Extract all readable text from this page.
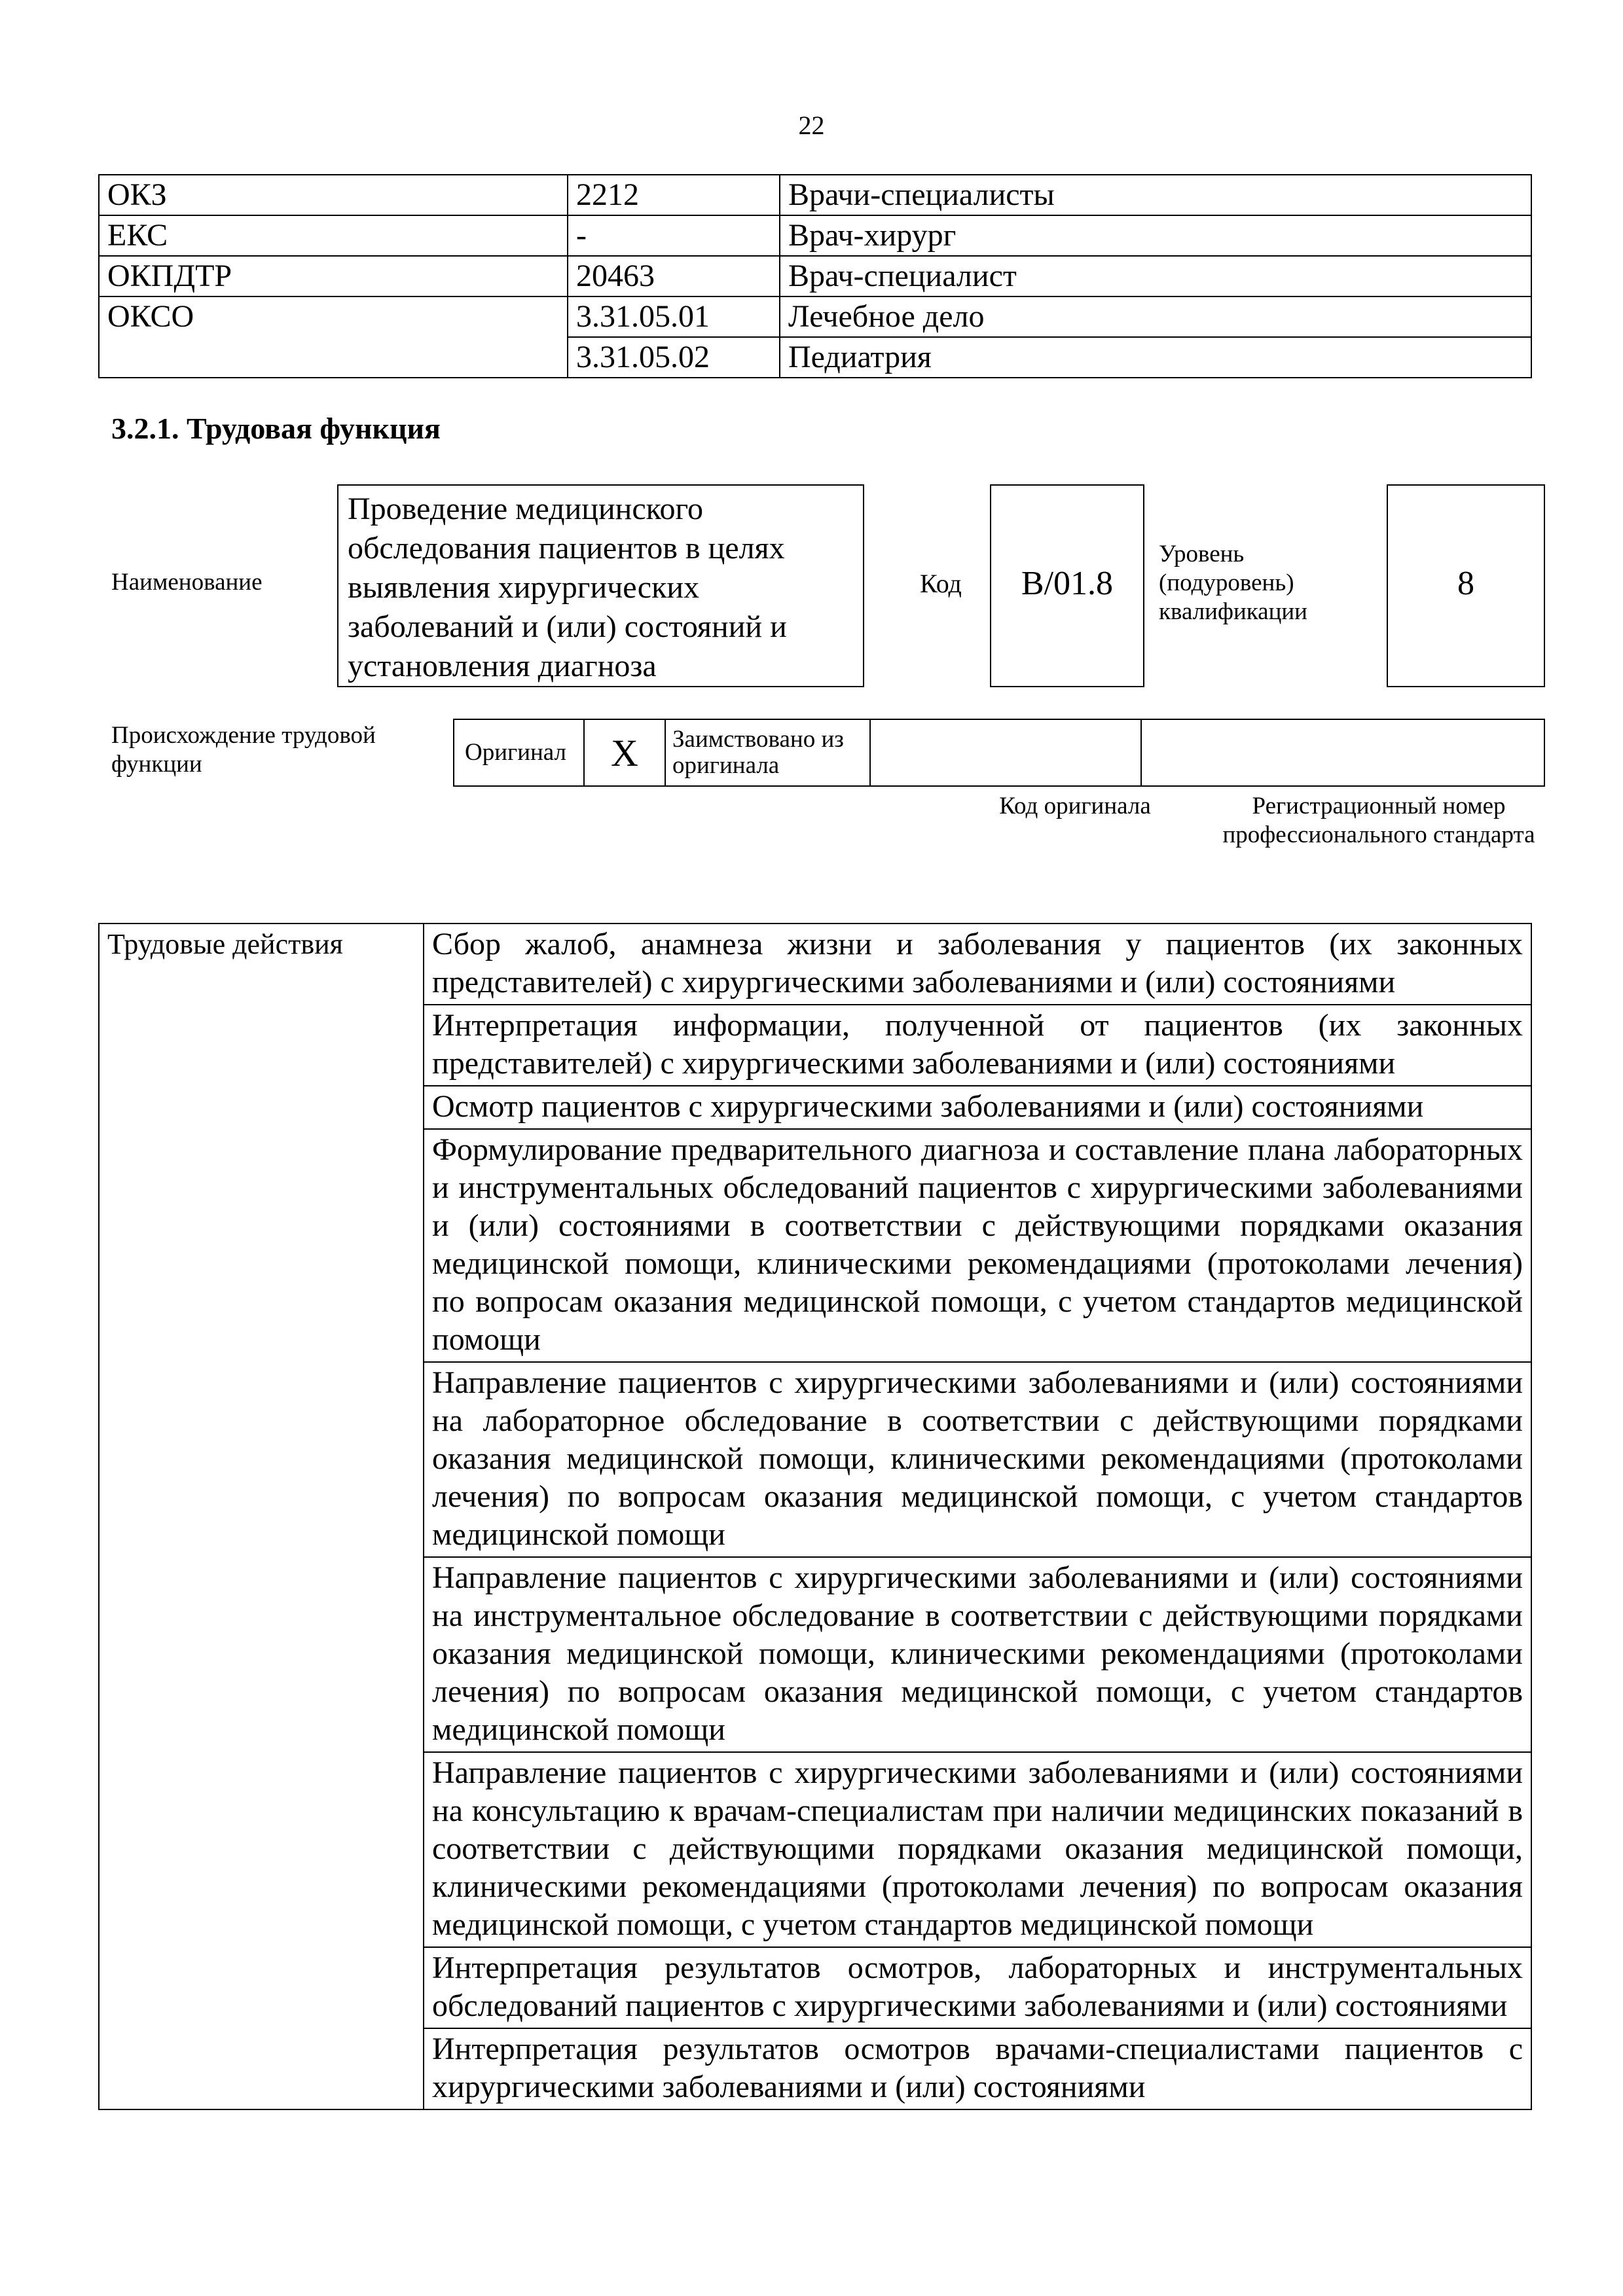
22
ОКЗ	2212	Врачи-специалисты
ЕКС	-	Врач-хирург
ОКПДТР	20463	Врач-специалист
ОКСО	3.31.05.01	Лечебное дело
	3.31.05.02	Педиатрия
3.2.1. Трудовая функция
Наименование
Проведение медицинского обследования пациентов в целях выявления хирургических заболеваний и (или) состояний и установления диагноза
Код	В/01.8
Уровень (подуровень) квалификации
8
Происхождение трудовой функции	Оригинал	X	Заимствовано из оригинала		
Код оригинала	Регистрационный номер профессионального стандарта
Трудовые действия	Сбор жалоб, анамнеза жизни и заболевания у пациентов (их законных представителей) с хирургическими заболеваниями и (или) состояниями
Интерпретация информации, полученной от пациентов (их законных представителей) с хирургическими заболеваниями и (или) состояниями
Осмотр пациентов с хирургическими заболеваниями и (или) состояниями
Формулирование предварительного диагноза и составление плана лабораторных и инструментальных обследований пациентов с хирургическими заболеваниями и (или) состояниями в соответствии с действующими порядками оказания медицинской помощи, клиническими рекомендациями (протоколами лечения) по вопросам оказания медицинской помощи, с учетом стандартов медицинской помощи
Направление пациентов с хирургическими заболеваниями и (или) состояниями на лабораторное обследование в соответствии с действующими порядками оказания медицинской помощи, клиническими рекомендациями (протоколами лечения) по вопросам оказания медицинской помощи, с учетом стандартов медицинской помощи
Направление пациентов с хирургическими заболеваниями и (или) состояниями на инструментальное обследование в соответствии с действующими порядками оказания медицинской помощи, клиническими рекомендациями (протоколами лечения) по вопросам оказания медицинской помощи, с учетом стандартов медицинской помощи
Направление пациентов с хирургическими заболеваниями и (или) состояниями на консультацию к врачам-специалистам при наличии медицинских показаний в соответствии с действующими порядками оказания медицинской помощи, клиническими рекомендациями (протоколами лечения) по вопросам оказания медицинской помощи, с учетом стандартов медицинской помощи
Интерпретация результатов осмотров, лабораторных и инструментальных обследований пациентов с хирургическими заболеваниями и (или) состояниями
Интерпретация результатов осмотров врачами-специалистами пациентов с хирургическими заболеваниями и (или) состояниями
